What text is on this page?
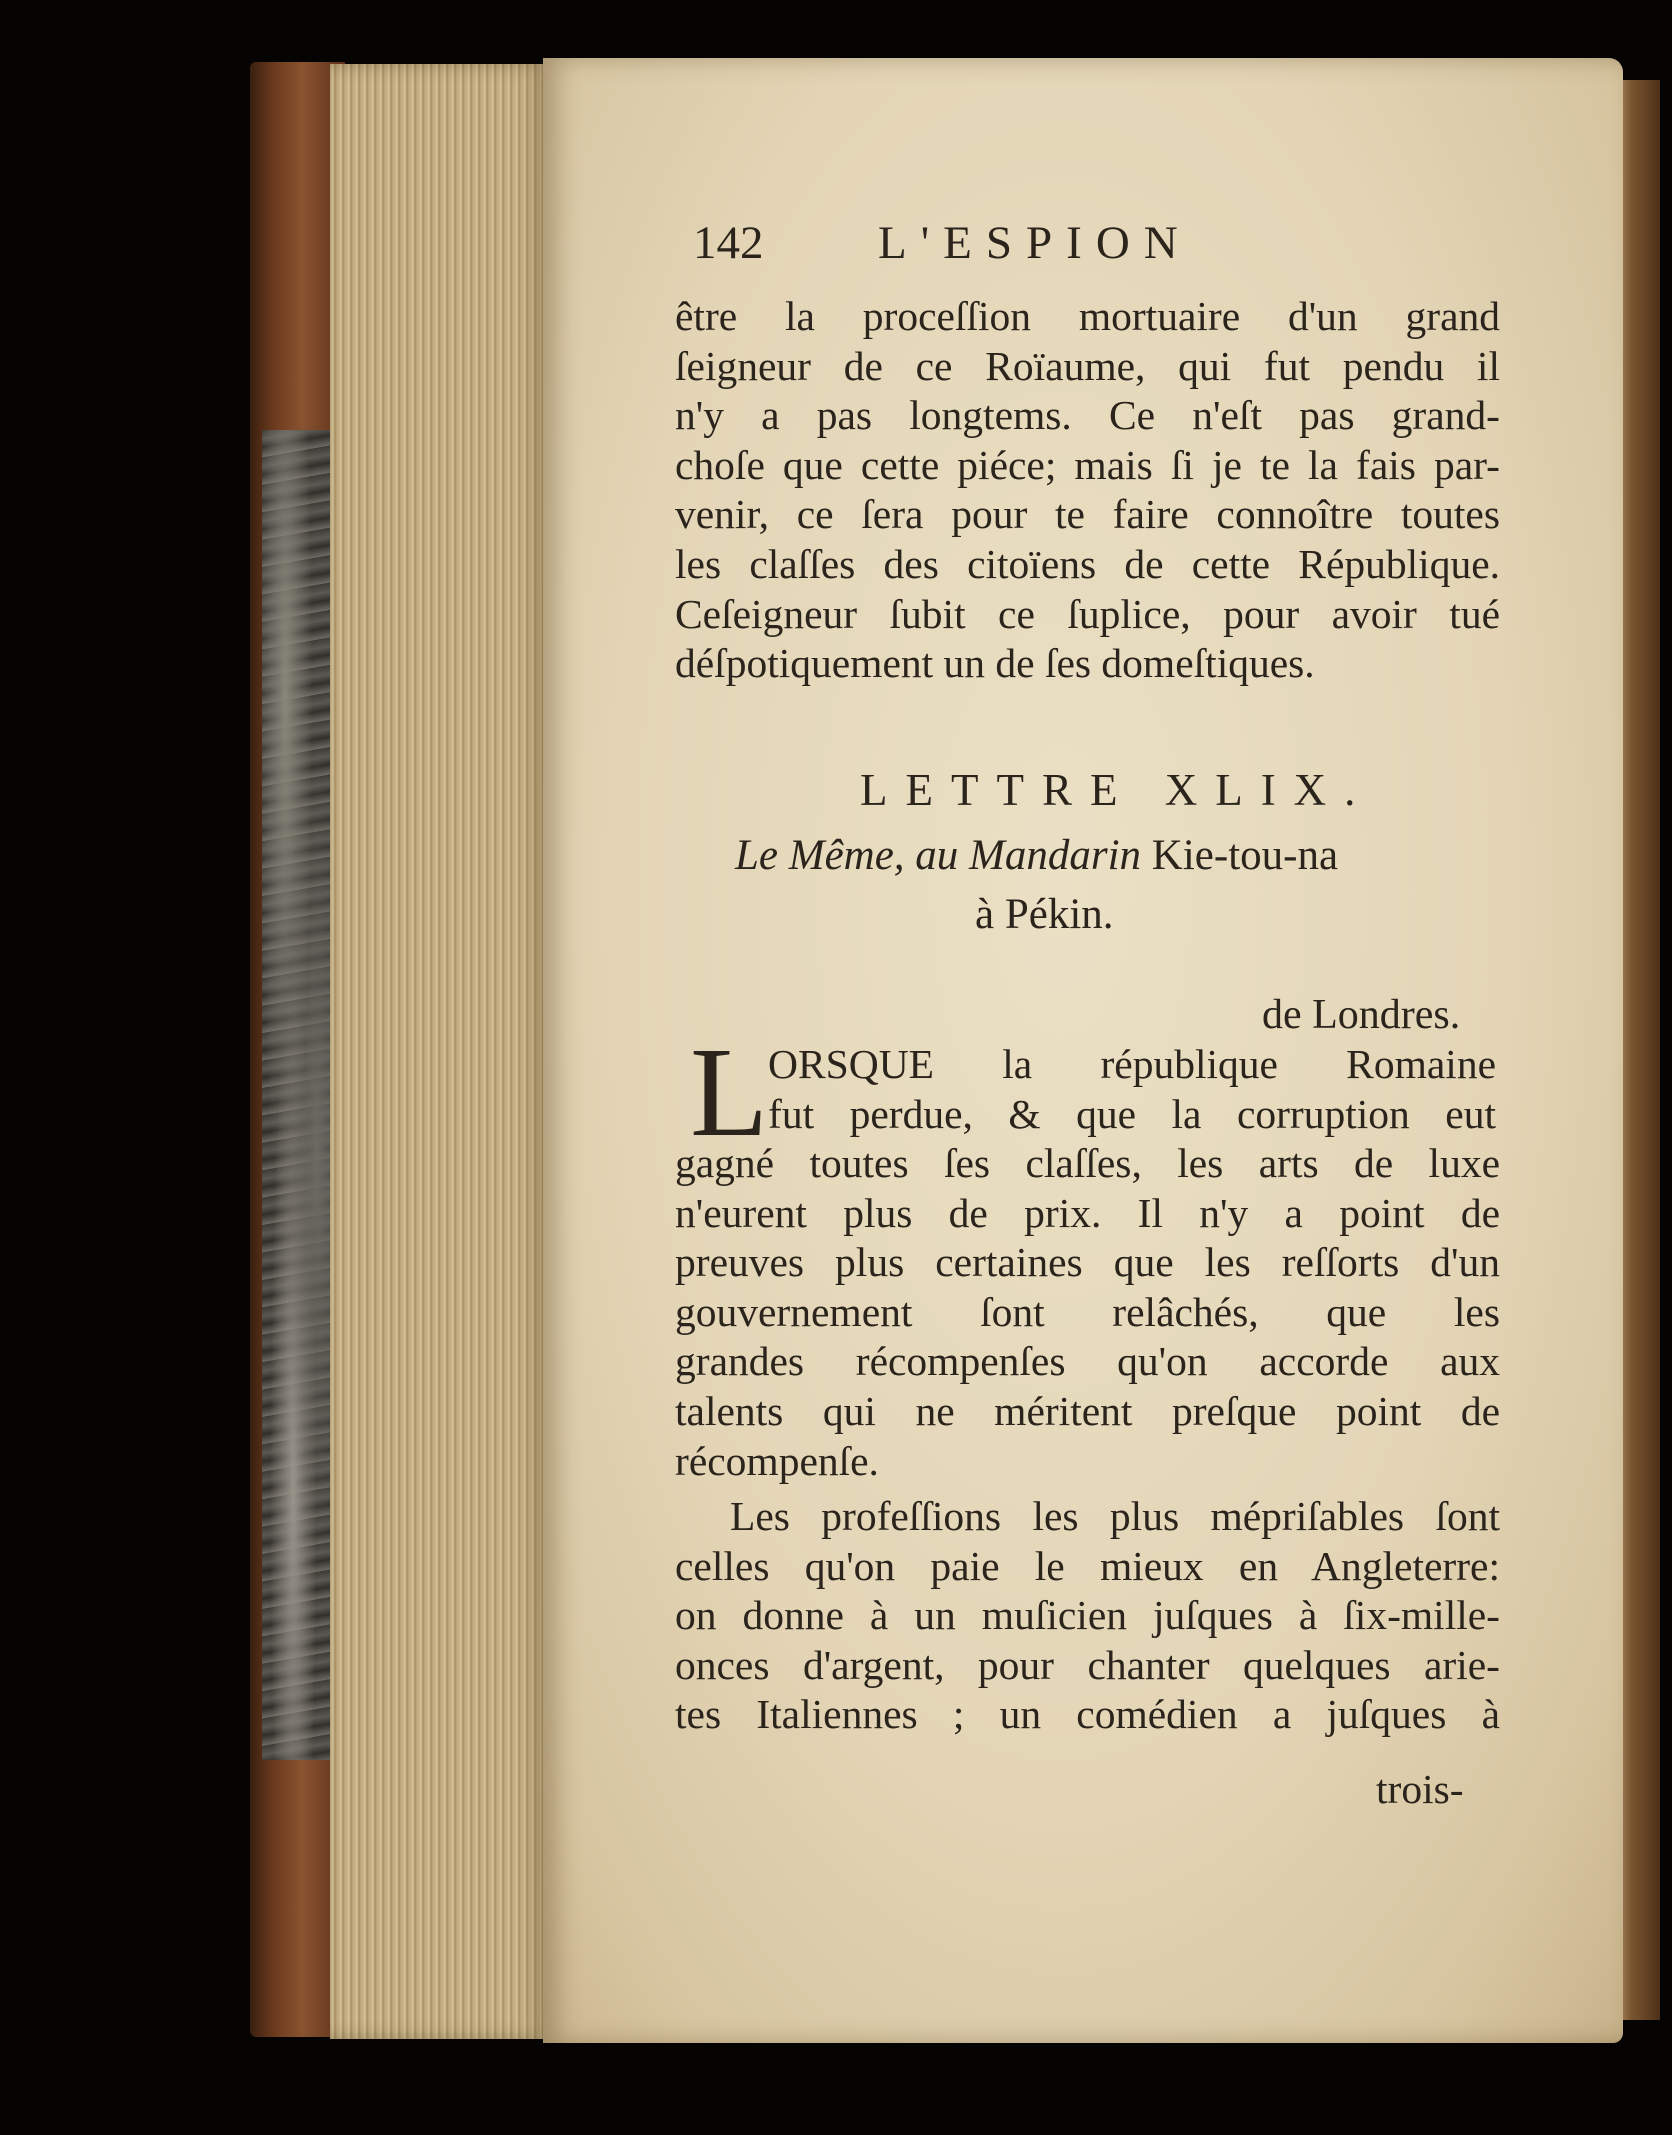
142 L'ESPION
être la proceſſion mortuaire d'un grand
ſeigneur de ce Roïaume, qui fut pendu il
n'y a pas longtems. Ce n'eſt pas grand-
choſe que cette piéce; mais ſi je te la fais par-
venir, ce ſera pour te faire connoître toutes
les claſſes des citoïens de cette République.
Ceſeigneur ſubit ce ſuplice, pour avoir tué
déſpotiquement un de ſes domeſtiques.
LETTRE XLIX.
Le Même, au Mandarin Kie-tou-na
à Pékin.
de Londres.
L ORSQUE la république Romaine
fut perdue, & que la corruption eut
gagné toutes ſes claſſes, les arts de luxe
n'eurent plus de prix. Il n'y a point de
preuves plus certaines que les reſſorts d'un
gouvernement ſont relâchés, que les
grandes récompenſes qu'on accorde aux
talents qui ne méritent preſque point de
récompenſe.
Les profeſſions les plus mépriſables ſont
celles qu'on paie le mieux en Angleterre:
on donne à un muſicien juſques à ſix-mille-
onces d'argent, pour chanter quelques arie-
tes Italiennes ; un comédien a juſques à
trois-
